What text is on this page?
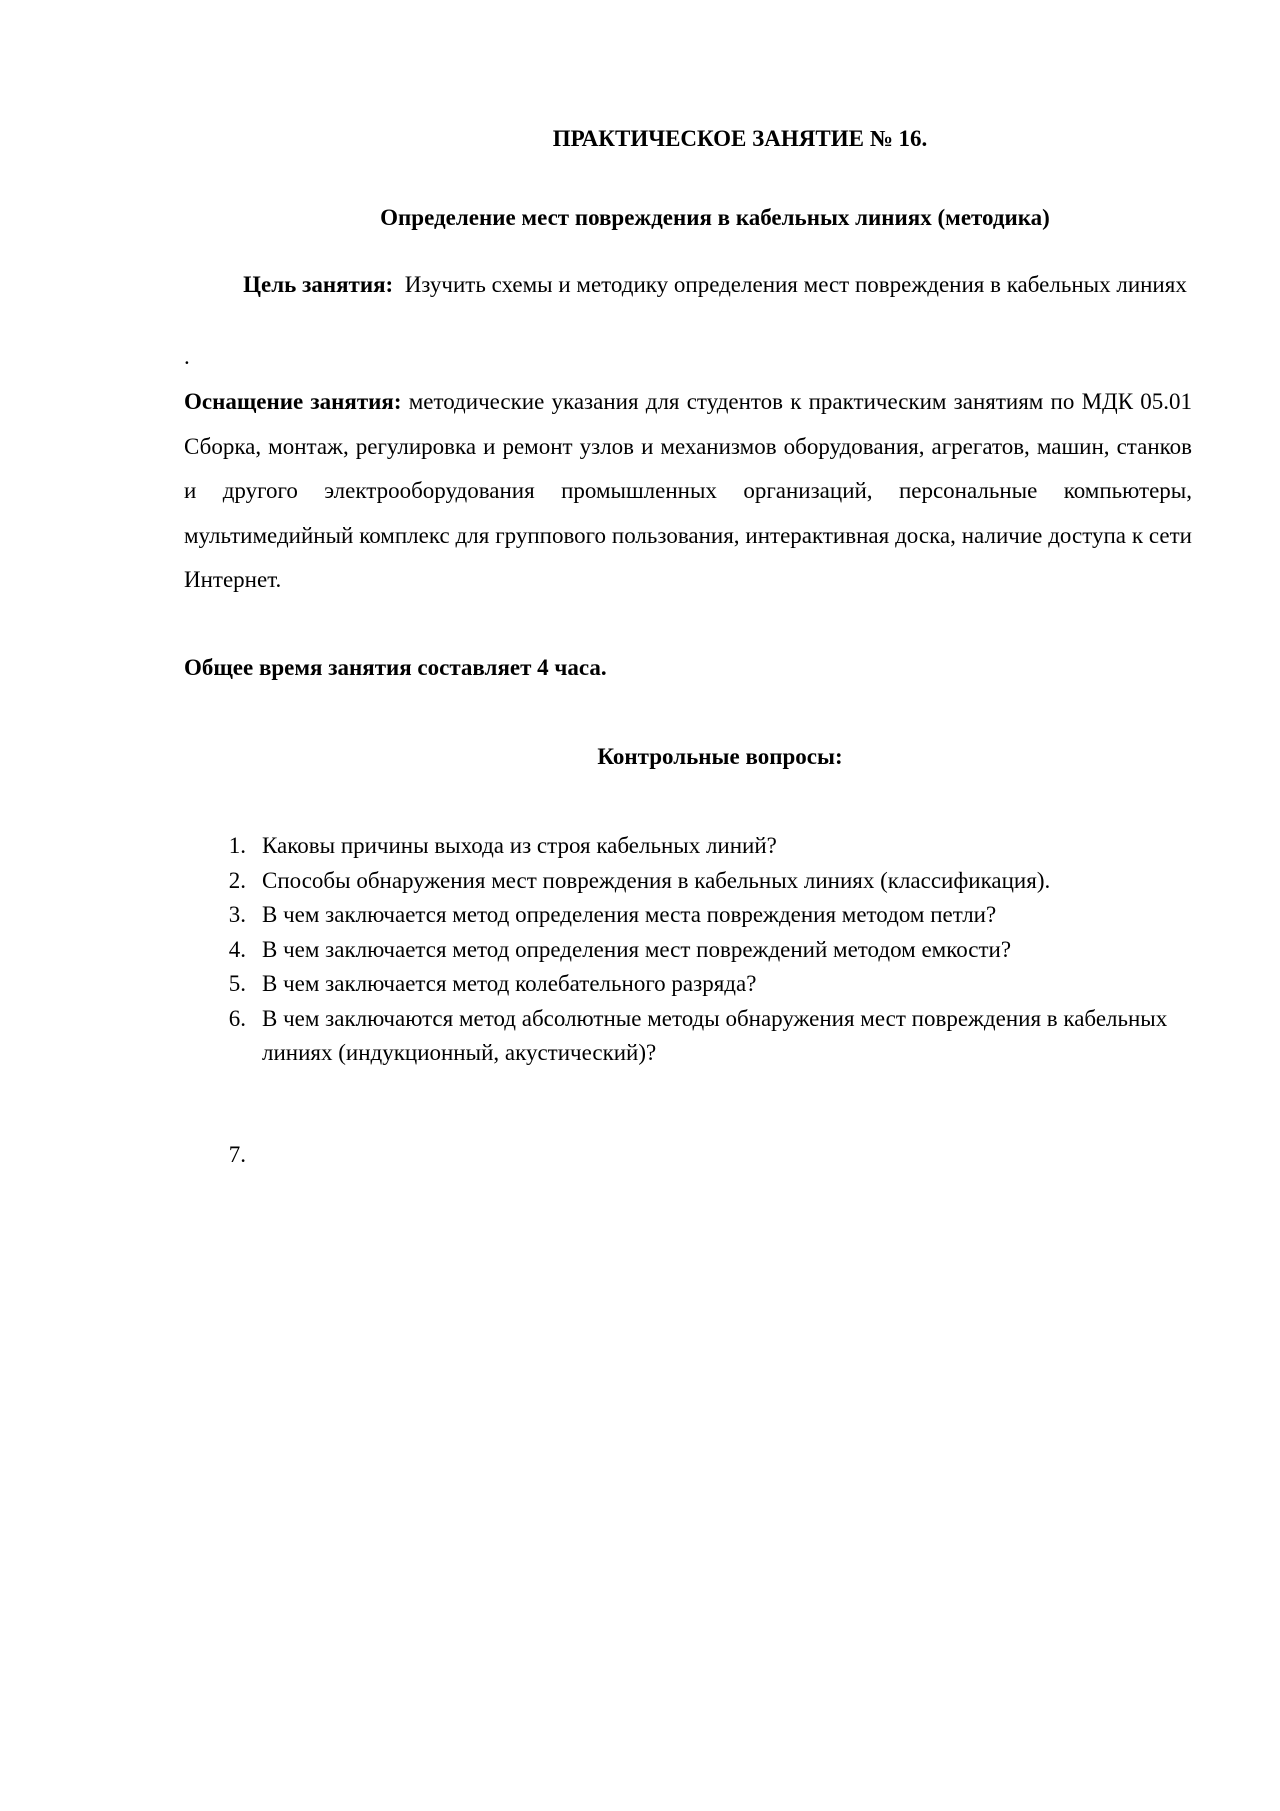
ПРАКТИЧЕСКОЕ ЗАНЯТИЕ № 16.

Определение мест повреждения в кабельных линиях (методика)

Цель занятия: Изучить схемы и методику определения мест повреждения в кабельных линиях

.

Оснащение занятия: методические указания для студентов к практическим занятиям по МДК 05.01 Сборка, монтаж, регулировка и ремонт узлов и механизмов оборудования, агрегатов, машин, станков и другого электрооборудования промышленных организаций, персональные компьютеры, мультимедийный комплекс для группового пользования, интерактивная доска, наличие доступа к сети Интернет.

Общее время занятия составляет 4 часа.

Контрольные вопросы:

1. Каковы причины выхода из строя кабельных линий?
2. Способы обнаружения мест повреждения в кабельных линиях (классификация).
3. В чем заключается метод определения места повреждения методом петли?
4. В чем заключается метод определения мест повреждений методом емкости?
5. В чем заключается метод колебательного разряда?
6. В чем заключаются метод абсолютные методы обнаружения мест повреждения в кабельных линиях (индукционный, акустический)?
7.
